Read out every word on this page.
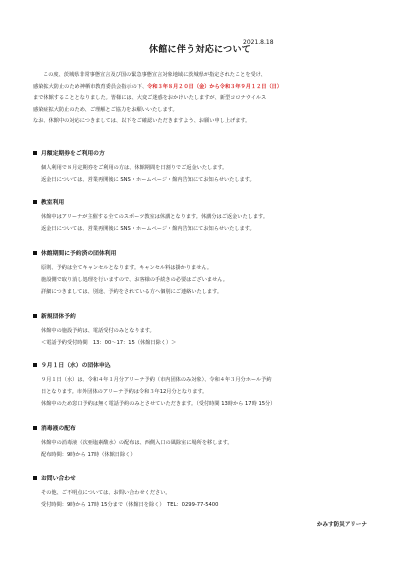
休館に伴う対応について
2021.8.18

この度、茨城県非常事態宣言及び国の緊急事態宣言対象地域に茨城県が指定されたことを受け、

感染拡大防止のため神栖市教育委員会指示の下、令和３年８月２０日（金）から令和３年９月１２日（日）

まで休館することとなりました。皆様には、大変ご迷惑をおかけいたしますが、新型コロナウイルス

感染症拡大防止のため、ご理解とご協力をお願いいたします。

なお、休館中の対応につきましては、以下をご確認いただきますよう、お願い申し上げます。

月額定期券をご利用の方

個人利用で８月定期券をご利用の方は、休館期間を日割りでご返金いたします。

返金日については、営業再開後に SNS・ホームページ・館内告知にてお知らせいたします。

教室利用

休館中はアリーナが主催する全てのスポーツ教室は休講となります。休講分はご返金いたします。

返金日については、営業再開後に SNS・ホームページ・館内告知にてお知らせいたします。

休館期間に予約済の団体利用

原則、予約は全てキャンセルとなります。キャンセル料は掛かりません。

施設側で取り消し処理を行いますので、お客様の手続きの必要はございません。

詳細につきましては、別途、予約をされている方へ個別にご連絡いたします。

新規団体予約

休館中の施設予約は、電話受付のみとなります。

＜電話予約受付時間　13：00～17：15（休館日除く）＞

９月１日（水）の団体申込

９月１日（水）は、令和４年１月分アリーナ予約（市内団体のみ対象）、令和４年３月分ホール予約

日となります。市外団体のアリーナ予約は令和３年12月分となります。

休館中のため窓口予約は無く電話予約のみとさせていただきます。（受付時間 13時から 17時 15分）

消毒液の配布

休館中の消毒液（次亜塩素酸水）の配布は、西側入口の風除室に場所を移します。

配布時間：9時から 17時（休館日除く）

お問い合わせ

その他、ご不明点については、お問い合わせください。

受付時間：9時から 17時 15分まで（休館日を除く）　TEL：0299-77-5400

かみす防災アリーナ
